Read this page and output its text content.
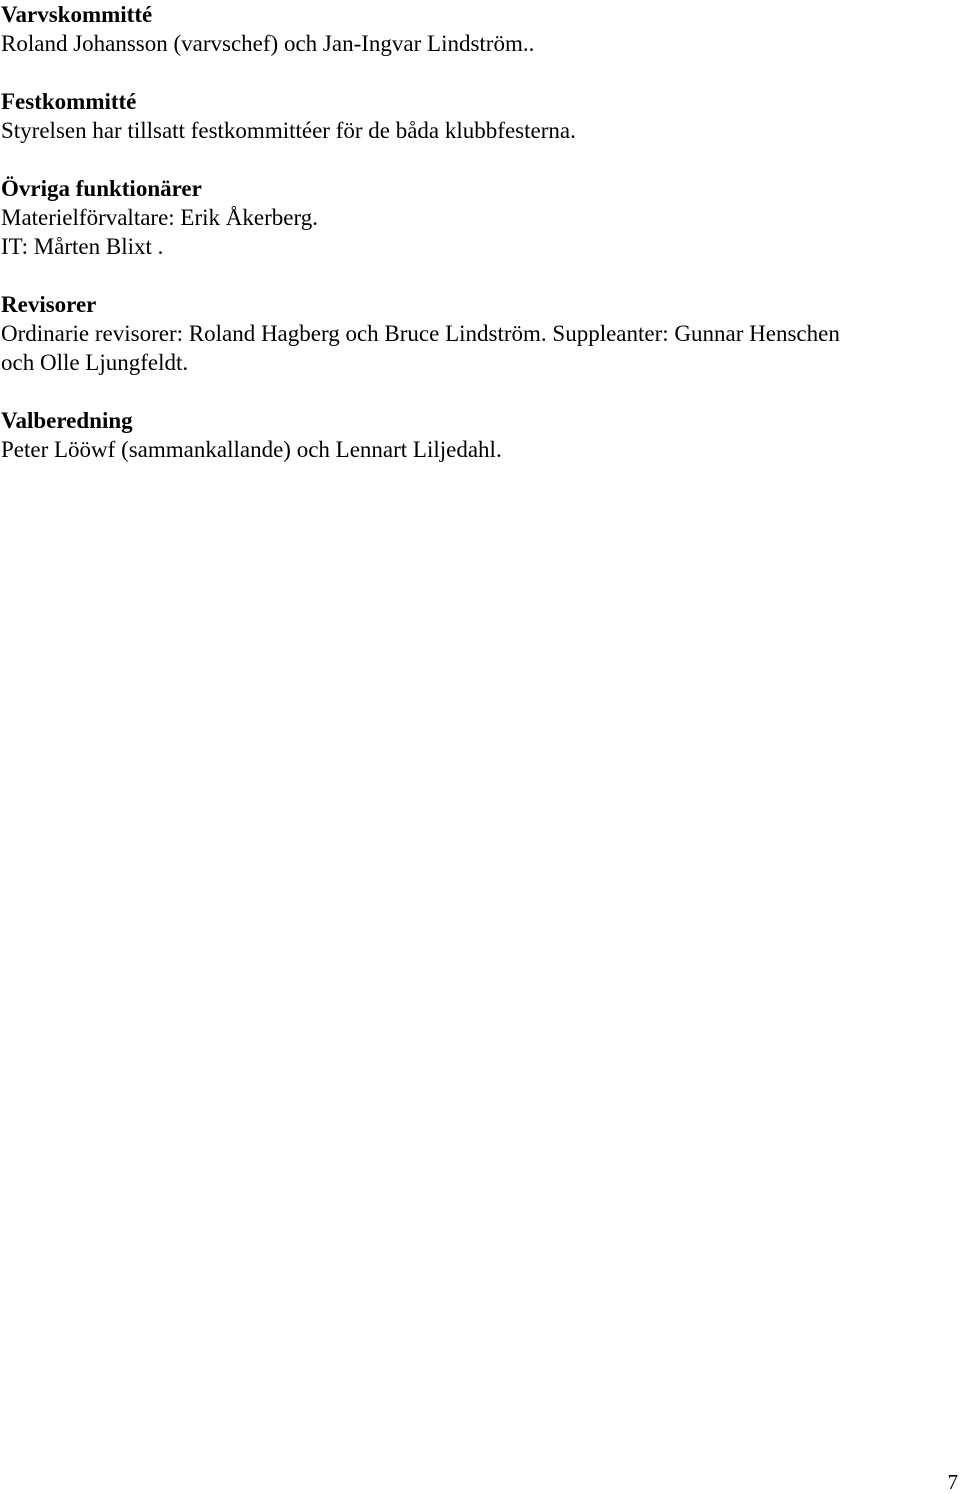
Varvskommitté
Roland Johansson (varvschef) och Jan-Ingvar Lindström..
Festkommitté
Styrelsen har tillsatt festkommittéer för de båda klubbfesterna.
Övriga funktionärer
Materielförvaltare: Erik Åkerberg.
IT: Mårten Blixt .
Revisorer
Ordinarie revisorer: Roland Hagberg och Bruce Lindström. Suppleanter: Gunnar Henschen
och Olle Ljungfeldt.
Valberedning
Peter Lööwf (sammankallande) och Lennart Liljedahl.
7
